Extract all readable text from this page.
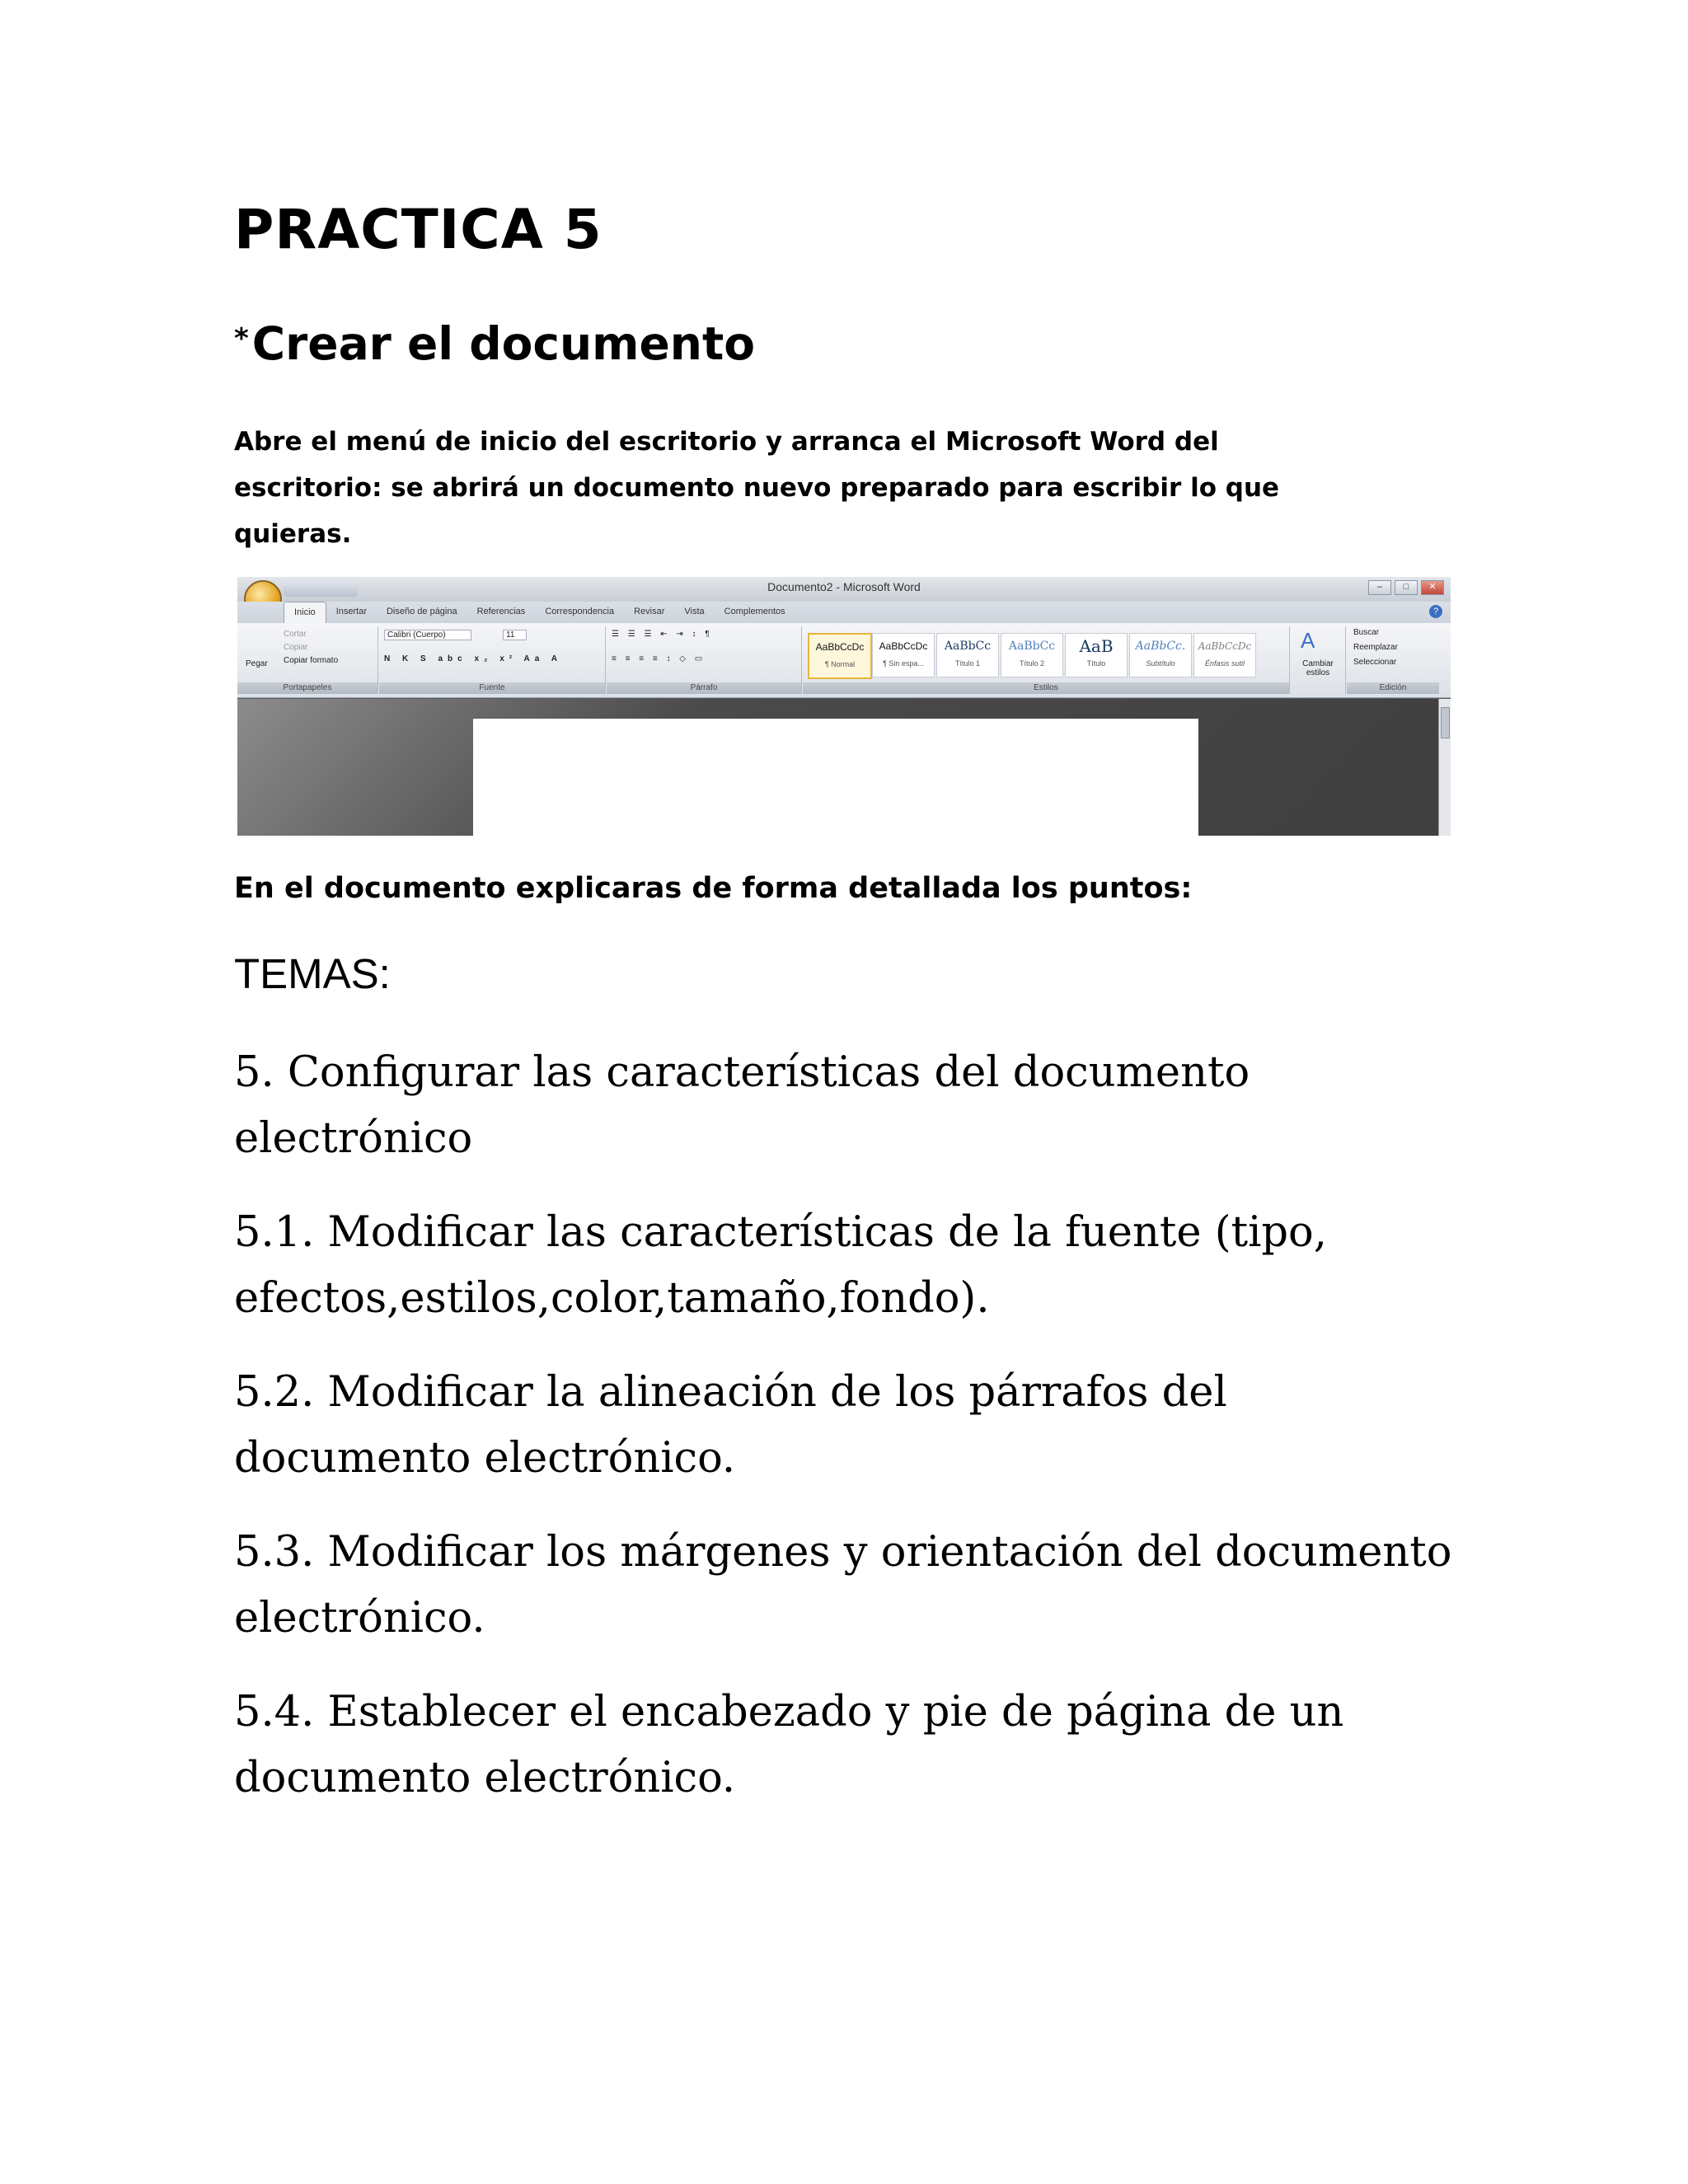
PRACTICA 5

*Crear el documento

Abre el menú de inicio del escritorio y arranca el Microsoft Word del escritorio: se abrirá un documento nuevo preparado para escribir lo que quieras.

Documento2 - Microsoft Word	–	□	✕
Inicio	Insertar	Diseño de página	Referencias	Correspondencia	Revisar	Vista	Complementos	?
Pegar
Cortar
Copiar
Copiar formato
Portapapeles
Calibri (Cuerpo)	11
N K S abc x₂ x² Aa A
Fuente
☰ ☰ ☰ ⇤ ⇥ ↕ ¶
≡ ≡ ≡ ≡ ↕ ◇ ▭
Párrafo
AaBbCcDc
¶ Normal
AaBbCcDc
¶ Sin espa...
AaBbCc
Título 1
AaBbCc
Título 2
AaB
Título
AaBbCc.
Subtítulo
AaBbCcDc
Énfasis sutil
Estilos
A
Cambiar estilos
Buscar
Reemplazar
Seleccionar
Edición

En el documento explicaras de forma detallada los puntos:

TEMAS:

5. Configurar las características del documento electrónico

5.1. Modificar las características de la fuente (tipo, efectos,estilos,color,tamaño,fondo).

5.2. Modificar la alineación de los párrafos del documento electrónico.

5.3. Modificar los márgenes y orientación del documento electrónico.

5.4. Establecer el encabezado y pie de página de un documento electrónico.
